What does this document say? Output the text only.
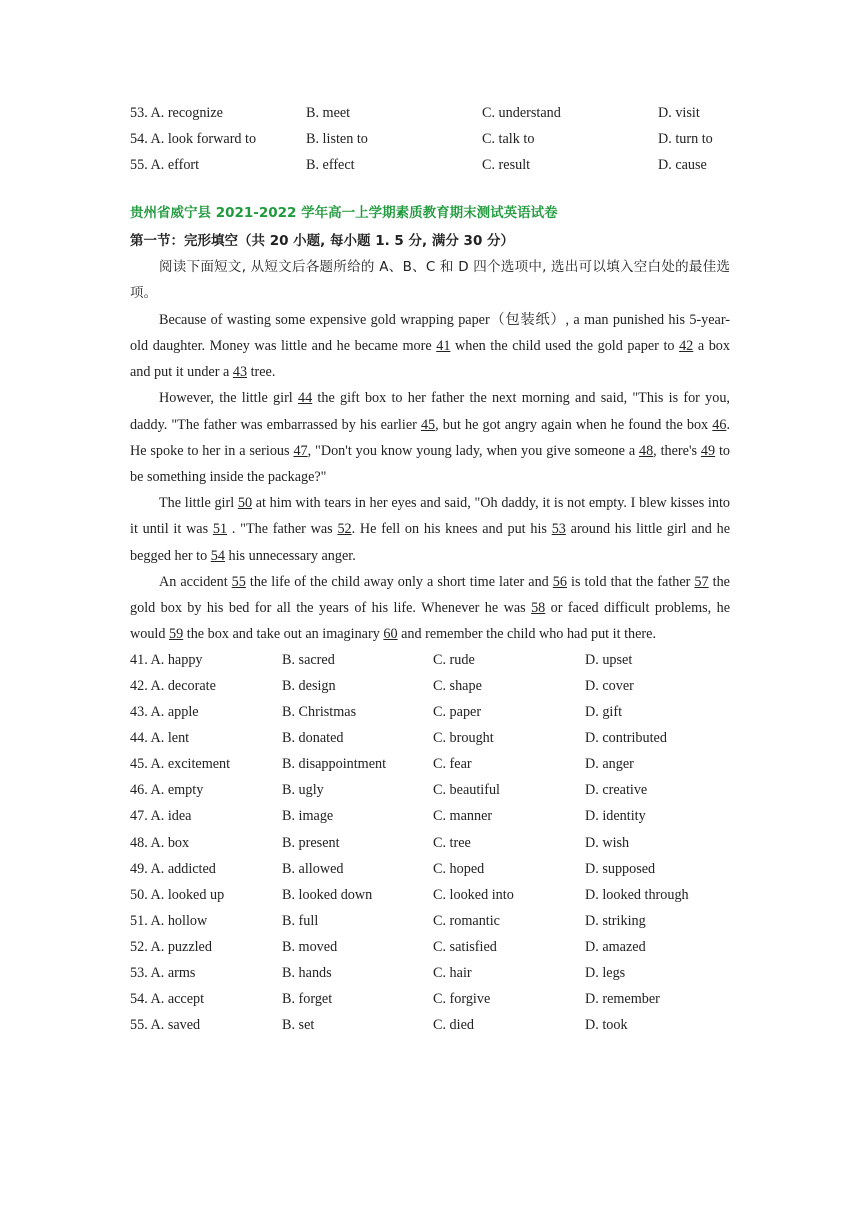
53. A. recognize	B. meet	C. understand	D. visit
54. A. look forward to	B. listen to	C. talk to	D. turn to
55. A. effort	B. effect	C. result	D. cause
贵州省威宁县 2021-2022 学年高一上学期素质教育期末测试英语试卷
第一节：完形填空（共 20 小题, 每小题 1. 5 分, 满分 30 分）
阅读下面短文, 从短文后各题所给的 A、B、C 和 D 四个选项中, 选出可以填入空白处的最佳选项。
Because of wasting some expensive gold wrapping paper（包装纸）, a man punished his 5-year-old daughter. Money was little and he became more 41 when the child used the gold paper to 42 a box and put it under a 43 tree.
However, the little girl 44 the gift box to her father the next morning and said, "This is for you, daddy. "The father was embarrassed by his earlier 45, but he got angry again when he found the box 46. He spoke to her in a serious 47, "Don't you know young lady, when you give someone a 48, there's 49 to be something inside the package?"
The little girl 50 at him with tears in her eyes and said, "Oh daddy, it is not empty. I blew kisses into it until it was 51 . "The father was 52. He fell on his knees and put his 53 around his little girl and he begged her to 54 his unnecessary anger.
An accident 55 the life of the child away only a short time later and 56 is told that the father 57 the gold box by his bed for all the years of his life. Whenever he was 58 or faced difficult problems, he would 59 the box and take out an imaginary 60 and remember the child who had put it there.
41. A. happy	B. sacred	C. rude	D. upset
42. A. decorate	B. design	C. shape	D. cover
43. A. apple	B. Christmas	C. paper	D. gift
44. A. lent	B. donated	C. brought	D. contributed
45. A. excitement	B. disappointment	C. fear	D. anger
46. A. empty	B. ugly	C. beautiful	D. creative
47. A. idea	B. image	C. manner	D. identity
48. A. box	B. present	C. tree	D. wish
49. A. addicted	B. allowed	C. hoped	D. supposed
50. A. looked up	B. looked down	C. looked into	D. looked through
51. A. hollow	B. full	C. romantic	D. striking
52. A. puzzled	B. moved	C. satisfied	D. amazed
53. A. arms	B. hands	C. hair	D. legs
54. A. accept	B. forget	C. forgive	D. remember
55. A. saved	B. set	C. died	D. took
